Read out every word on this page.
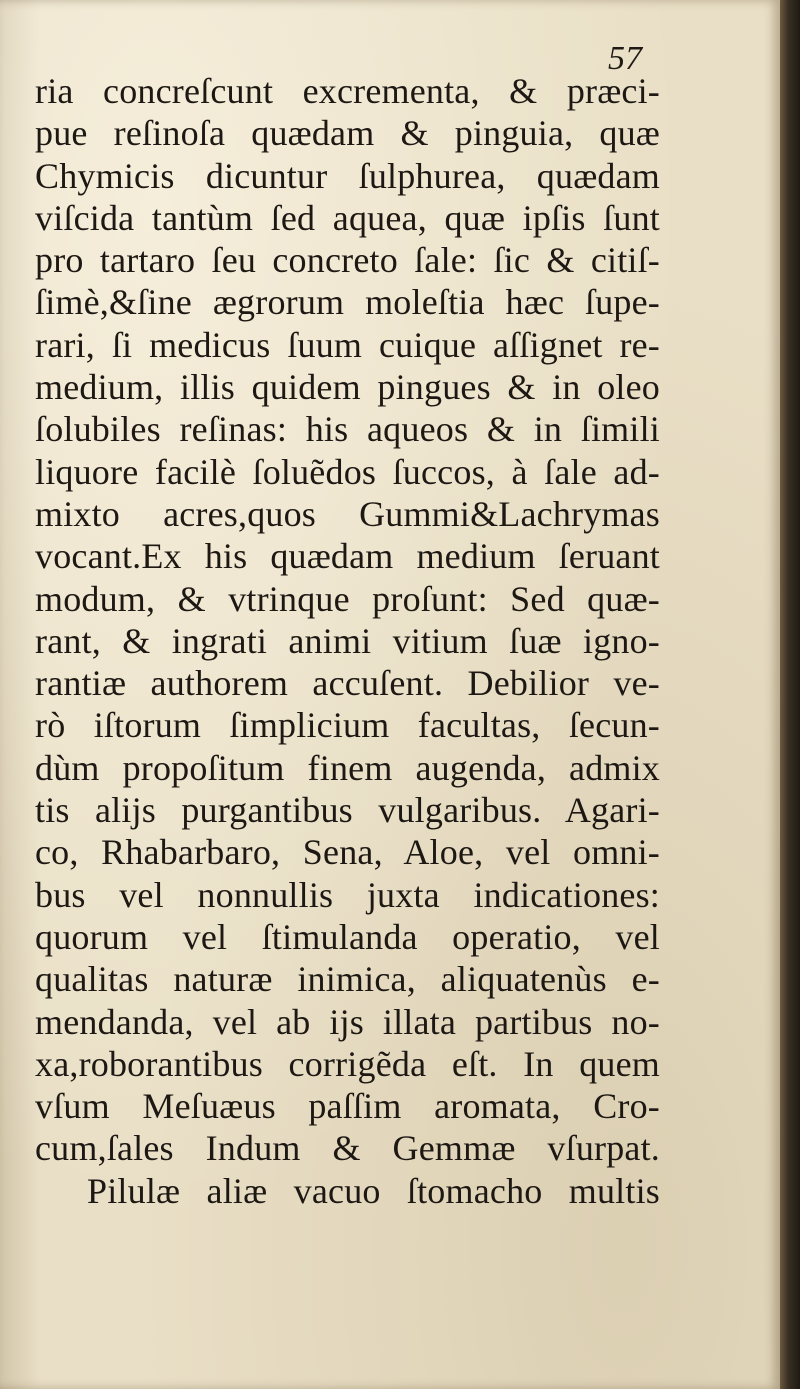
57

ria concreſcunt excrementa, & præci-
pue reſinoſa quædam & pinguia, quæ
Chymicis dicuntur ſulphurea, quædam
viſcida tantùm ſed aquea, quæ ipſis ſunt
pro tartaro ſeu concreto ſale: ſic & citiſ-
ſimè,&ſine ægrorum moleſtia hæc ſupe-
rari, ſi medicus ſuum cuique aſſignet re-
medium, illis quidem pingues & in oleo
ſolubiles reſinas: his aqueos & in ſimili
liquore facilè ſoluẽdos ſuccos, à ſale ad-
mixto acres,quos Gummi&Lachrymas
vocant.Ex his quædam medium ſeruant
modum, & vtrinque proſunt: Sed quæ-
rant, & ingrati animi vitium ſuæ igno-
rantiæ authorem accuſent. Debilior ve-
rò iſtorum ſimplicium facultas, ſecun-
dùm propoſitum finem augenda, admix
tis aliјs purgantibus vulgaribus. Agari-
co, Rhabarbaro, Sena, Aloe, vel omni-
bus vel nonnullis juxta indicationes:
quorum vel ſtimulanda operatio, vel
qualitas naturæ inimica, aliquatenùs e-
mendanda, vel ab ijs illata partibus no-
xa,roborantibus corrigẽda eſt. In quem
vſum Meſuæus paſſim aromata, Cro-
cum,ſales Indum & Gemmæ vſurpat.
Pilulæ aliæ vacuo ſtomacho multis
